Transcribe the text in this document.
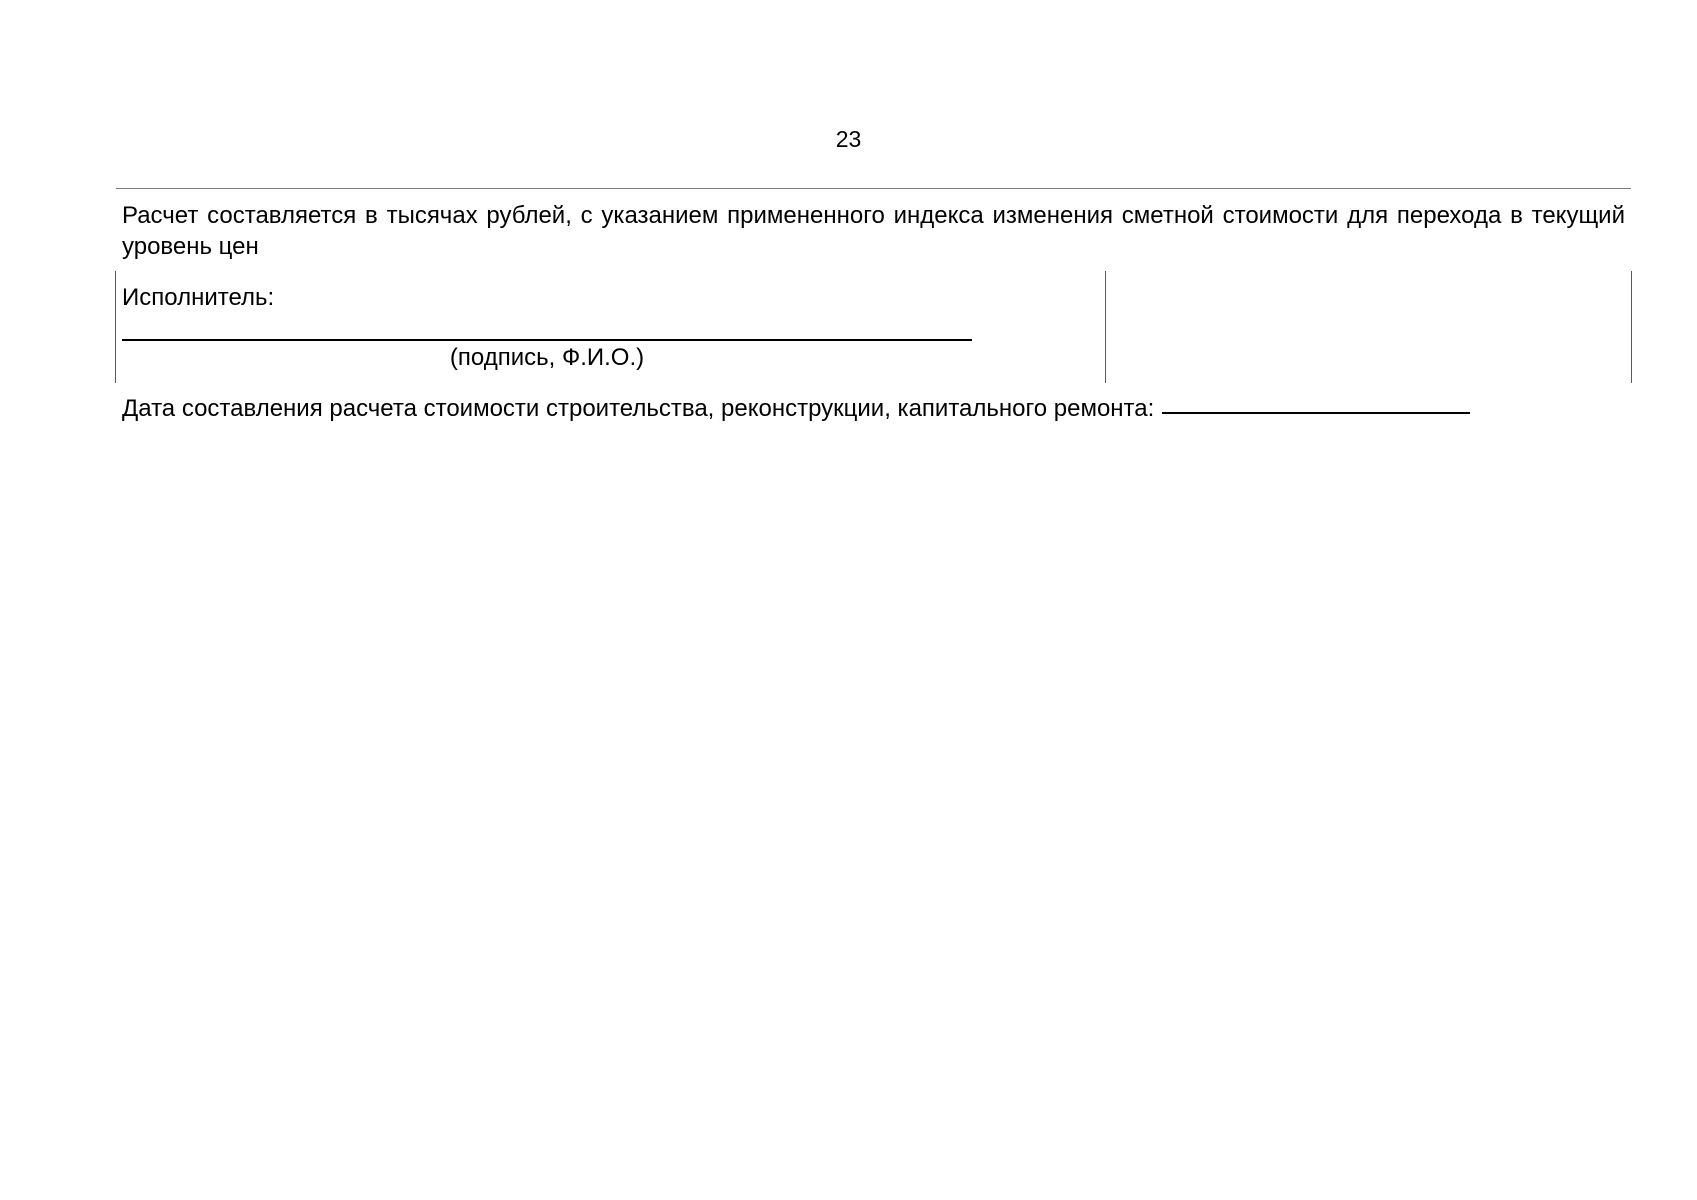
23
Расчет составляется в тысячах рублей, с указанием примененного индекса изменения сметной стоимости для перехода в текущий уровень цен
Исполнитель:
(подпись, Ф.И.О.)
Дата составления расчета стоимости строительства, реконструкции, капитального ремонта:
